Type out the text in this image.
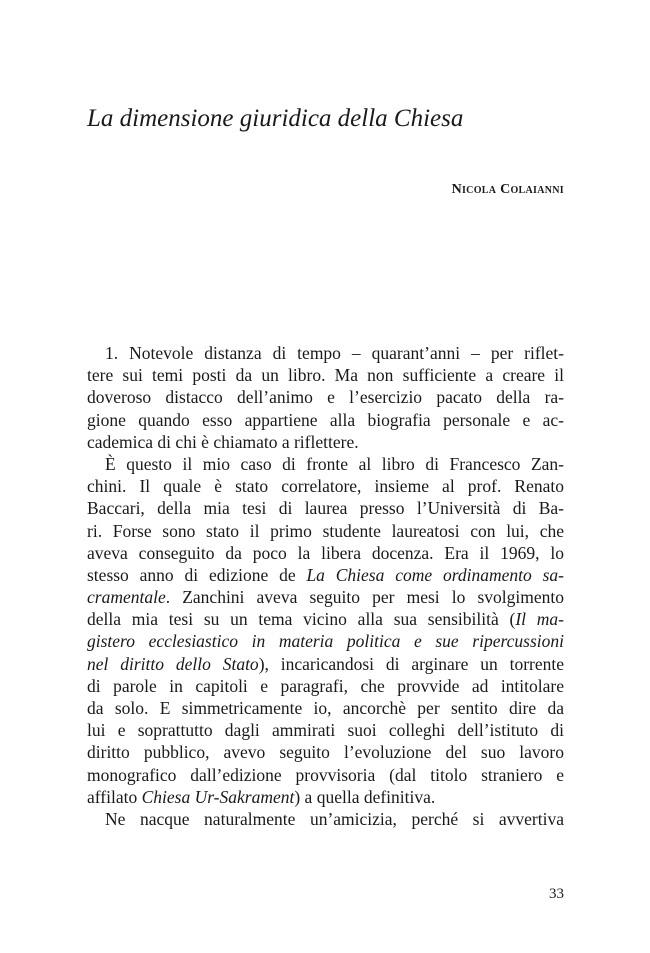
La dimensione giuridica della Chiesa
Nicola Colaianni
1. Notevole distanza di tempo – quarant’anni – per riflet-
tere sui temi posti da un libro. Ma non sufficiente a creare il
doveroso distacco dell’animo e l’esercizio pacato della ra-
gione quando esso appartiene alla biografia personale e ac-
cademica di chi è chiamato a riflettere.
È questo il mio caso di fronte al libro di Francesco Zan-
chini. Il quale è stato correlatore, insieme al prof. Renato
Baccari, della mia tesi di laurea presso l’Università di Ba-
ri. Forse sono stato il primo studente laureatosi con lui, che
aveva conseguito da poco la libera docenza. Era il 1969, lo
stesso anno di edizione de La Chiesa come ordinamento sa-
cramentale. Zanchini aveva seguito per mesi lo svolgimento
della mia tesi su un tema vicino alla sua sensibilità (Il ma-
gistero ecclesiastico in materia politica e sue ripercussioni
nel diritto dello Stato), incaricandosi di arginare un torrente
di parole in capitoli e paragrafi, che provvide ad intitolare
da solo. E simmetricamente io, ancorchè per sentito dire da
lui e soprattutto dagli ammirati suoi colleghi dell’istituto di
diritto pubblico, avevo seguito l’evoluzione del suo lavoro
monografico dall’edizione provvisoria (dal titolo straniero e
affilato Chiesa Ur-Sakrament) a quella definitiva.
Ne nacque naturalmente un’amicizia, perché si avvertiva
33
